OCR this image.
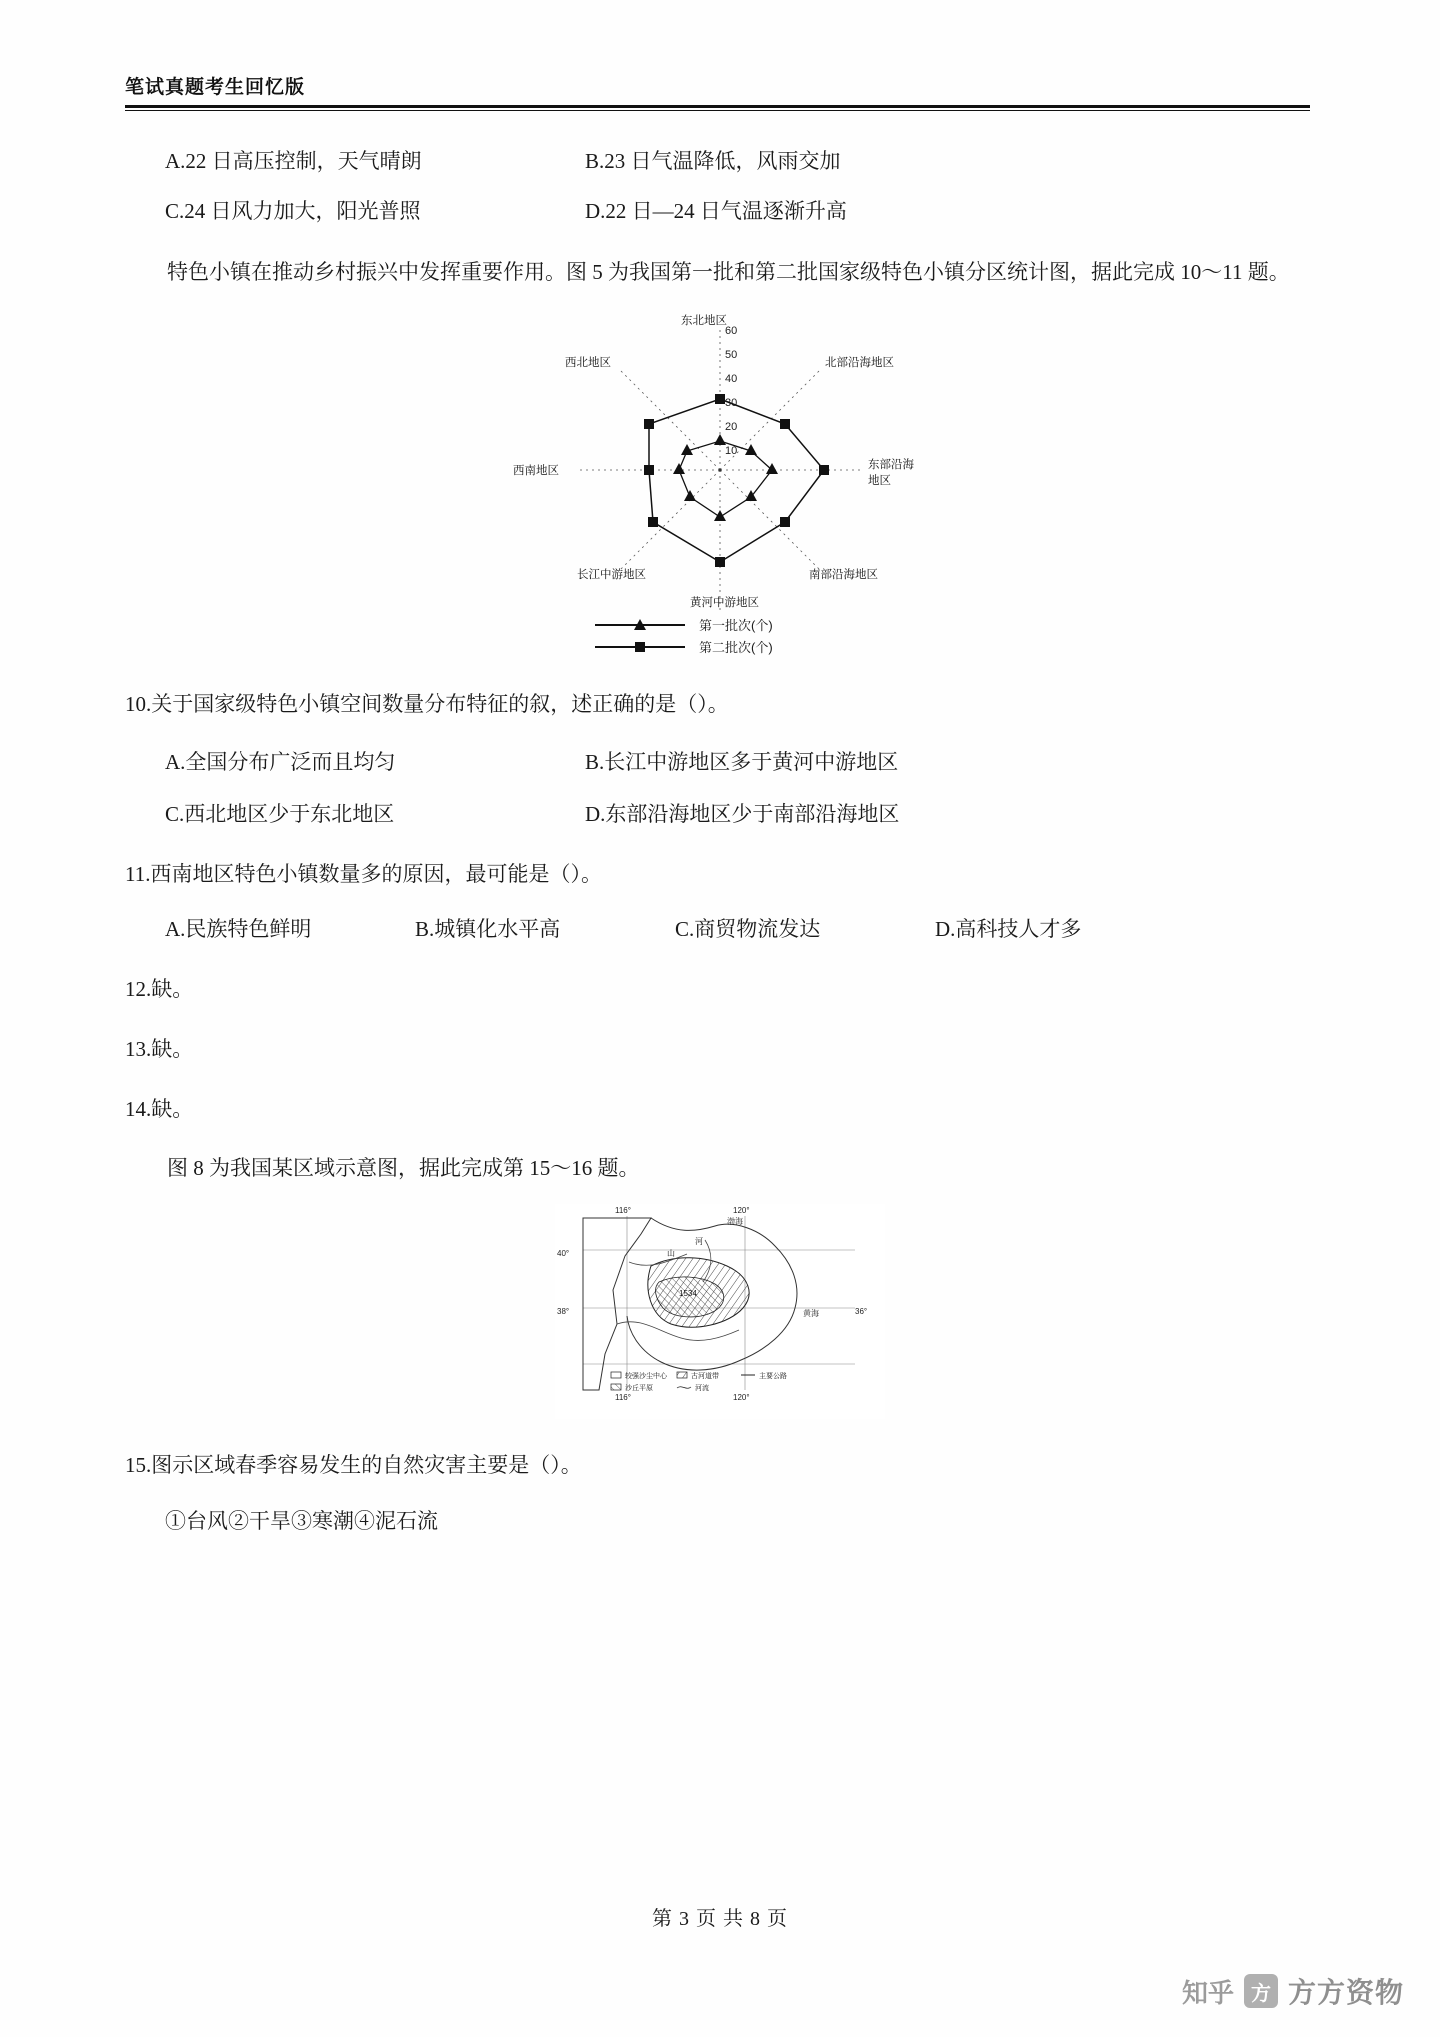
笔试真题考生回忆版
A.22 日高压控制，天气晴朗	B.23 日气温降低，风雨交加
C.24 日风力加大，阳光普照	D.22 日—24 日气温逐渐升高
特色小镇在推动乡村振兴中发挥重要作用。图 5 为我国第一批和第二批国家级特色小镇分区统计图，据此完成 10～11 题。
60
50
40
30
20
10
东北地区
北部沿海地区
东部沿海
地区
南部沿海地区
黄河中游地区
长江中游地区
西南地区
西北地区
第一批次(个)
第二批次(个)
10.关于国家级特色小镇空间数量分布特征的叙，述正确的是（）。
A.全国分布广泛而且均匀	B.长江中游地区多于黄河中游地区
C.西北地区少于东北地区	D.东部沿海地区少于南部沿海地区
11.西南地区特色小镇数量多的原因，最可能是（）。
A.民族特色鲜明	B.城镇化水平高	C.商贸物流发达	D.高科技人才多
12.缺。
13.缺。
14.缺。
图 8 为我国某区域示意图，据此完成第 15～16 题。
116°	120°
40°
38°	36°
116°	120°
渤海
黄海
山
河
1534
较强沙尘中心	古河道带	主要公路
沙丘平原	河流
15.图示区域春季容易发生的自然灾害主要是（）。
①台风②干旱③寒潮④泥石流
第 3 页 共 8 页
知乎 方 方方资物
